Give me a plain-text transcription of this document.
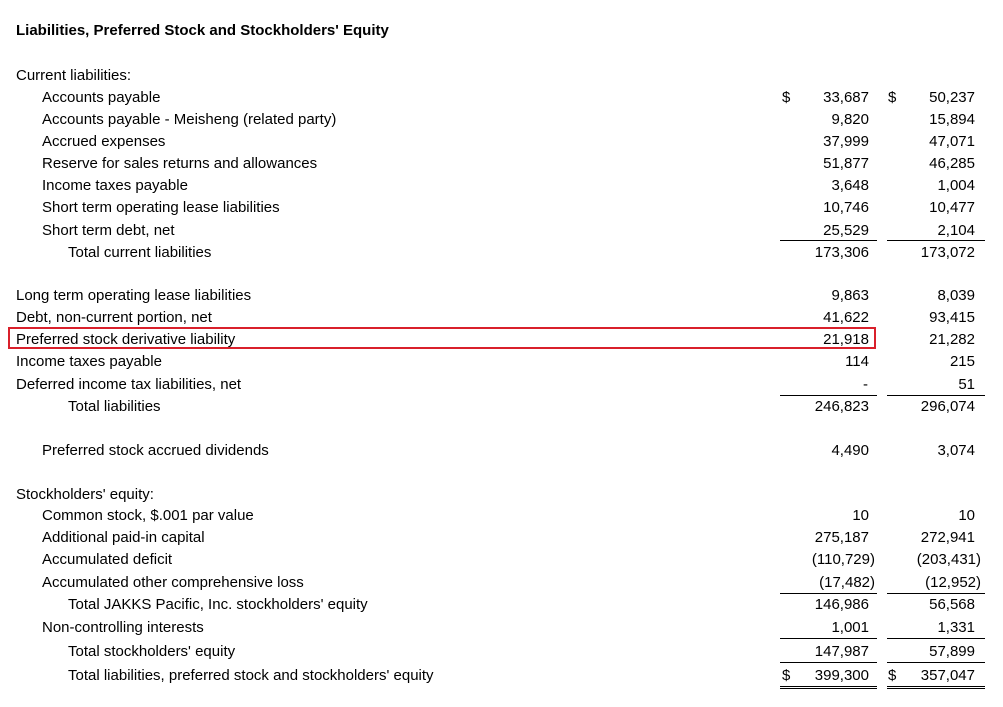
Liabilities, Preferred Stock and Stockholders' Equity
Current liabilities:
Accounts payable	$ 33,687 $ 50,237
Accounts payable - Meisheng (related party)	9,820	15,894
Accrued expenses	37,999	47,071
Reserve for sales returns and allowances	51,877	46,285
Income taxes payable	3,648	1,004
Short term operating lease liabilities	10,746	10,477
Short term debt, net	25,529	2,104
Total current liabilities	173,306	173,072
Long term operating lease liabilities	9,863	8,039
Debt, non-current portion, net	41,622	93,415
Preferred stock derivative liability	21,918	21,282
Income taxes payable	114	215
Deferred income tax liabilities, net	-	51
Total liabilities	246,823	296,074
Preferred stock accrued dividends	4,490	3,074
Stockholders' equity:
Common stock, $.001 par value	10	10
Additional paid-in capital	275,187	272,941
Accumulated deficit	(110,729)	(203,431)
Accumulated other comprehensive loss	(17,482)	(12,952)
Total JAKKS Pacific, Inc. stockholders' equity	146,986	56,568
Non-controlling interests	1,001	1,331
Total stockholders' equity	147,987	57,899
Total liabilities, preferred stock and stockholders' equity	$ 399,300 $ 357,047
